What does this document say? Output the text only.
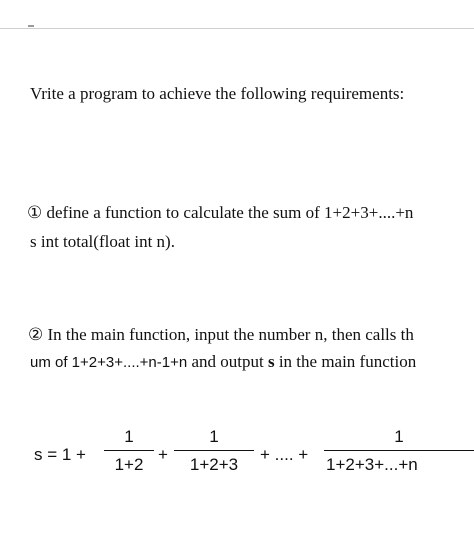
Vrite a program to achieve the following requirements:
① define a function to calculate the sum of 1+2+3+....+n
s int total(float int n).
② In the main function, input the number n, then calls th
um of 1+2+3+....+n-1+n and output s in the main function
s = 1 +
1
1+2
+
1
1+2+3
+ .... +
1
1+2+3+...+n
